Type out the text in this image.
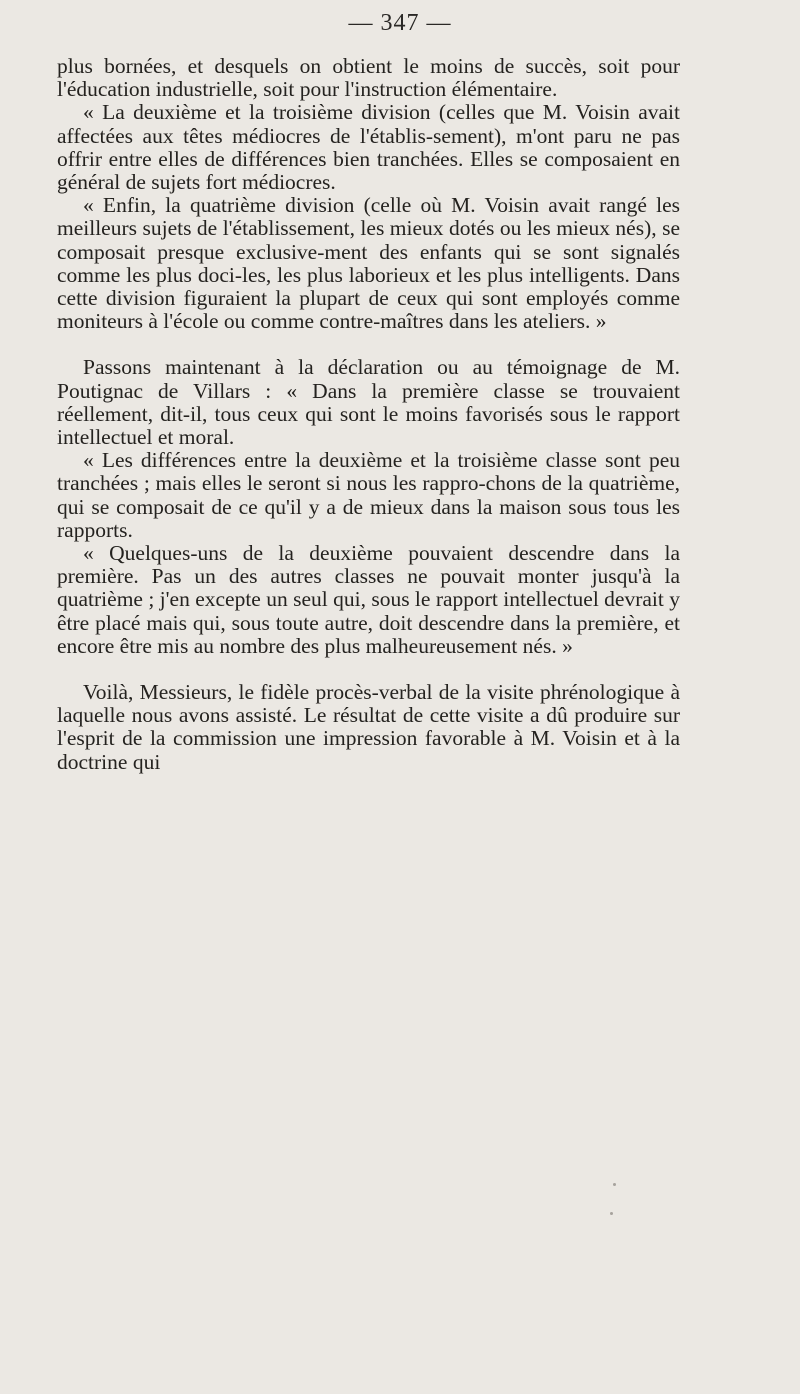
— 347 —

plus bornées, et desquels on obtient le moins de succès, soit pour l'éducation industrielle, soit pour l'instruction élémentaire.

« La deuxième et la troisième division (celles que M. Voisin avait affectées aux têtes médiocres de l'établis-sement), m'ont paru ne pas offrir entre elles de différences bien tranchées. Elles se composaient en général de sujets fort médiocres.

« Enfin, la quatrième division (celle où M. Voisin avait rangé les meilleurs sujets de l'établissement, les mieux dotés ou les mieux nés), se composait presque exclusive-ment des enfants qui se sont signalés comme les plus doci-les, les plus laborieux et les plus intelligents. Dans cette division figuraient la plupart de ceux qui sont employés comme moniteurs à l'école ou comme contre-maîtres dans les ateliers. »

Passons maintenant à la déclaration ou au témoignage de M. Poutignac de Villars : « Dans la première classe se trouvaient réellement, dit-il, tous ceux qui sont le moins favorisés sous le rapport intellectuel et moral.

« Les différences entre la deuxième et la troisième classe sont peu tranchées ; mais elles le seront si nous les rappro-chons de la quatrième, qui se composait de ce qu'il y a de mieux dans la maison sous tous les rapports.

« Quelques-uns de la deuxième pouvaient descendre dans la première. Pas un des autres classes ne pouvait monter jusqu'à la quatrième ; j'en excepte un seul qui, sous le rapport intellectuel devrait y être placé mais qui, sous toute autre, doit descendre dans la première, et encore être mis au nombre des plus malheureusement nés. »

Voilà, Messieurs, le fidèle procès-verbal de la visite phrénologique à laquelle nous avons assisté. Le résultat de cette visite a dû produire sur l'esprit de la commission une impression favorable à M. Voisin et à la doctrine qui
